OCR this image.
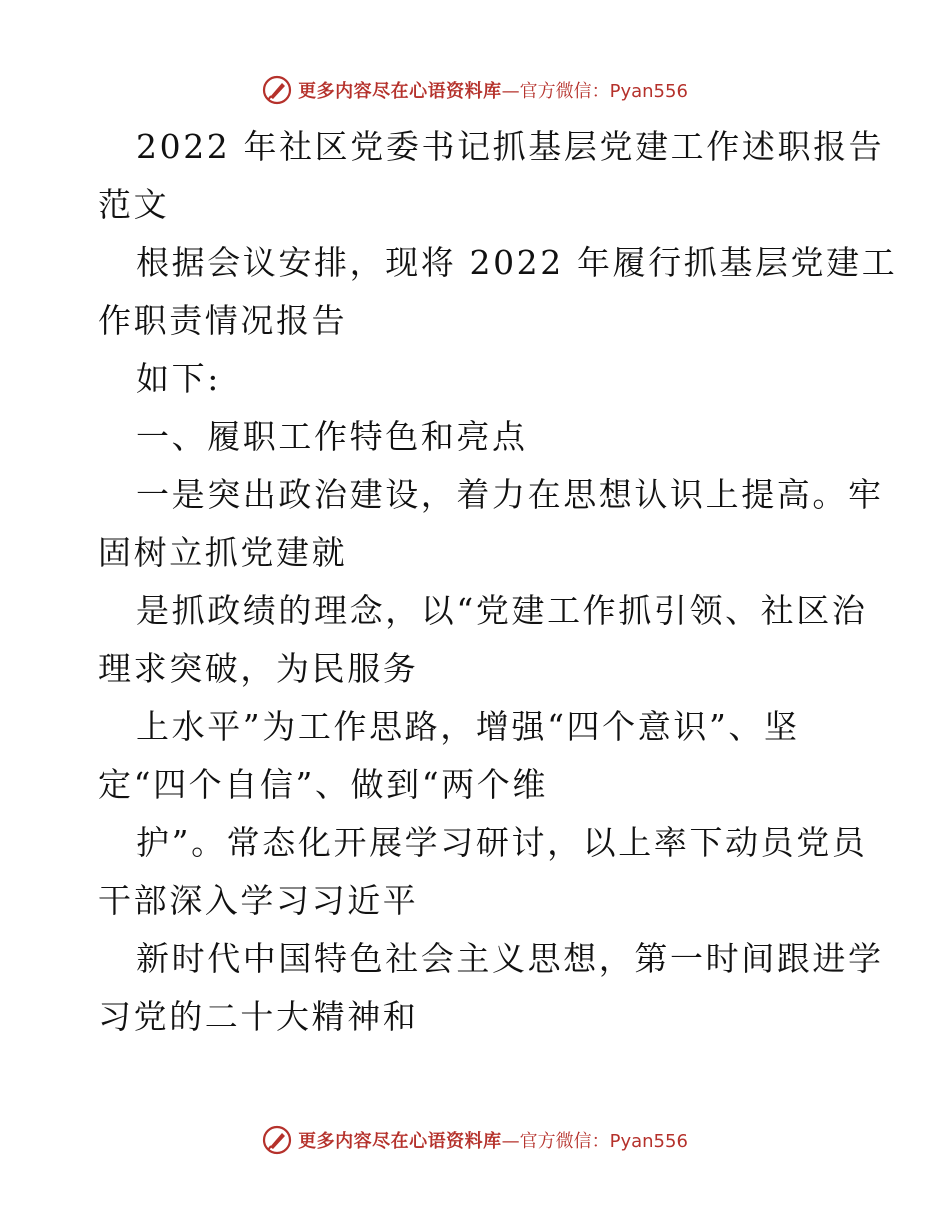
更多内容尽在心语资料库 —官方微信：Pyan556
2022 年社区党委书记抓基层党建工作述职报告
范文
根据会议安排，现将 2022 年履行抓基层党建工
作职责情况报告
如下:
一、履职工作特色和亮点
一是突出政治建设，着力在思想认识上提高。牢
固树立抓党建就
是抓政绩的理念，以“党建工作抓引领、社区治
理求突破，为民服务
上水平”为工作思路，增强“四个意识”、坚
定“四个自信”、做到“两个维
护”。常态化开展学习研讨，以上率下动员党员
干部深入学习习近平
新时代中国特色社会主义思想，第一时间跟进学
习党的二十大精神和
更多内容尽在心语资料库 —官方微信：Pyan556
